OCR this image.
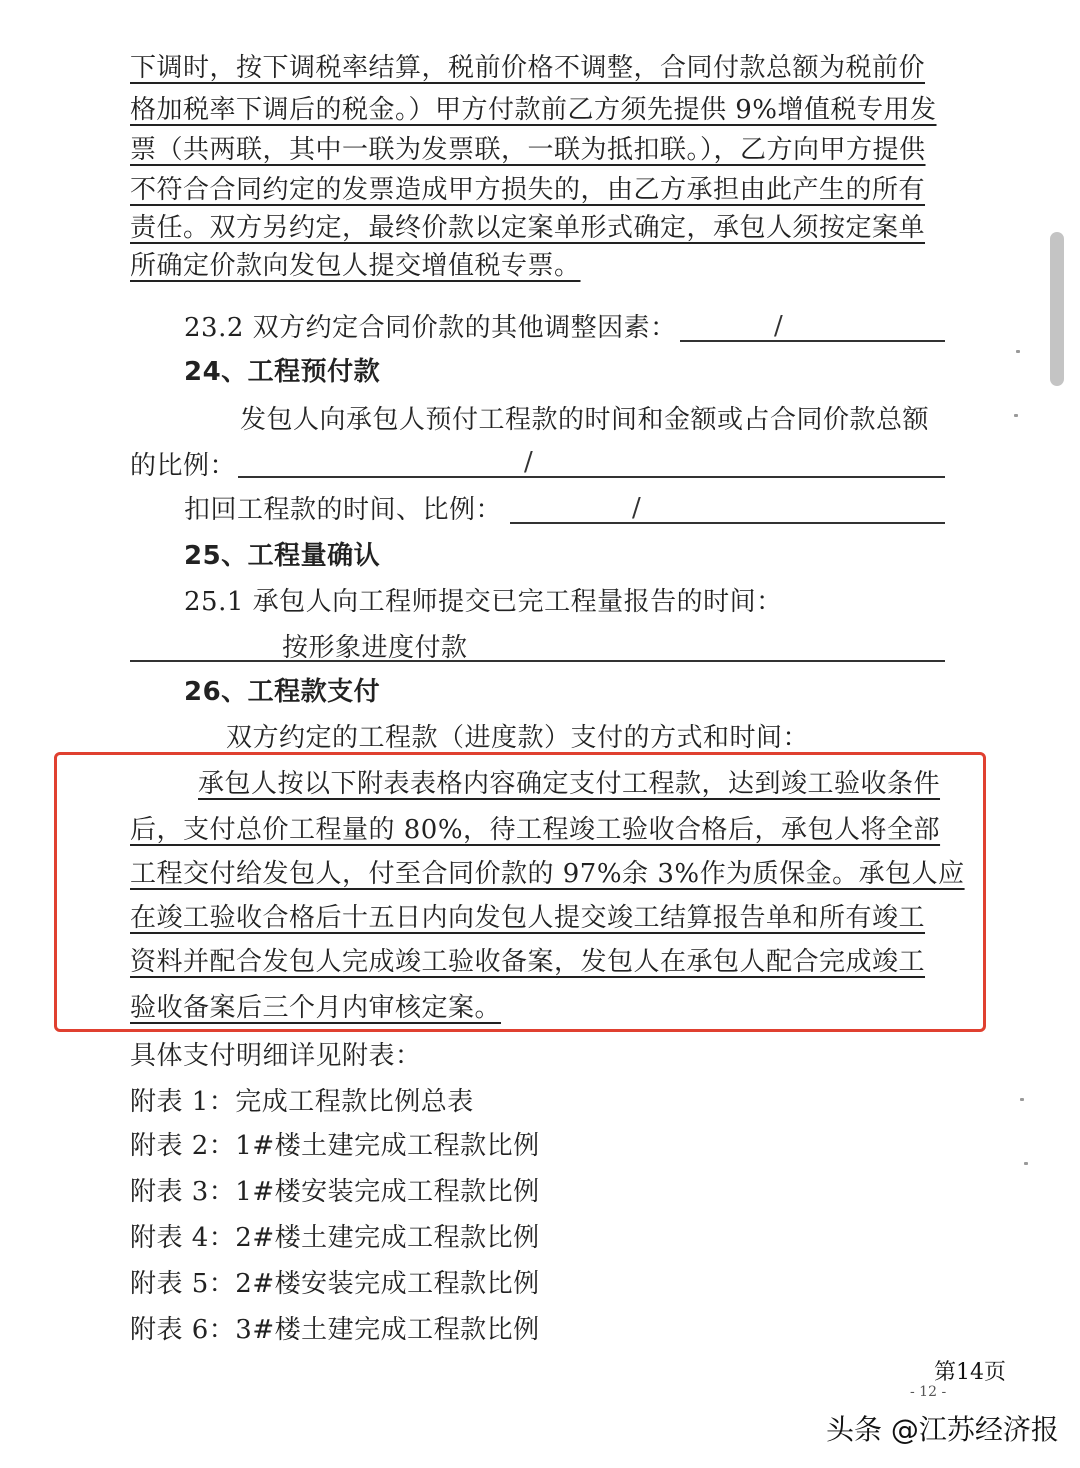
下调时，按下调税率结算，税前价格不调整，合同付款总额为税前价
格加税率下调后的税金。）甲方付款前乙方须先提供 9%增值税专用发
票（共两联，其中一联为发票联，一联为抵扣联。），乙方向甲方提供
不符合合同约定的发票造成甲方损失的，由乙方承担由此产生的所有
责任。双方另约定，最终价款以定案单形式确定，承包人须按定案单
所确定价款向发包人提交增值税专票。
23.2 双方约定合同价款的其他调整因素：	/
24、工程预付款
发包人向承包人预付工程款的时间和金额或占合同价款总额
的比例：	/
扣回工程款的时间、比例：	/
25、工程量确认
25.1 承包人向工程师提交已完工程量报告的时间：
按形象进度付款
26、工程款支付
双方约定的工程款（进度款）支付的方式和时间：
承包人按以下附表表格内容确定支付工程款，达到竣工验收条件
后，支付总价工程量的 80%，待工程竣工验收合格后，承包人将全部
工程交付给发包人，付至合同价款的 97%余 3%作为质保金。承包人应
在竣工验收合格后十五日内向发包人提交竣工结算报告单和所有竣工
资料并配合发包人完成竣工验收备案，发包人在承包人配合完成竣工
验收备案后三个月内审核定案。
具体支付明细详见附表：
附表 1：完成工程款比例总表
附表 2：1#楼土建完成工程款比例
附表 3：1#楼安装完成工程款比例
附表 4：2#楼土建完成工程款比例
附表 5：2#楼安装完成工程款比例
附表 6：3#楼土建完成工程款比例
第14页
- 12 -
头条 @江苏经济报
